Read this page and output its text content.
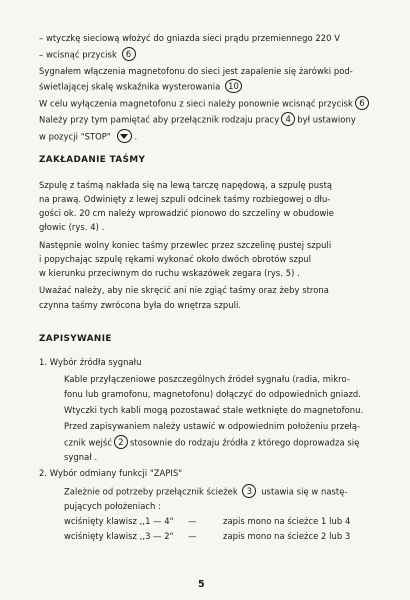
– wtyczkę sieciową włożyć do gniazda sieci prądu przemiennego 220 V
– wcisnąć przycisk 6
Sygnałem włączenia magnetofonu do sieci jest zapalenie się żarówki pod-
świetlającej skalę wskaźnika wysterowania 10
W celu wyłączenia magnetofonu z sieci należy ponownie wcisnąć przycisk 6
Należy przy tym pamiętać aby przełącznik rodzaju pracy 4 był ustawiony
w pozycji "STOP"	.
ZAKŁADANIE TAŚMY
Szpulę z taśmą nakłada się na lewą tarczę napędową, a szpulę pustą
na prawą. Odwinięty z lewej szpuli odcinek taśmy rozbiegowej o dłu-
gości ok. 20 cm należy wprowadzić pionowo do szczeliny w obudowie
głowic (rys. 4) .
Następnie wolny koniec taśmy przewlec przez szczelinę pustej szpuli
i popychając szpulę rękami wykonać około dwóch obrotów szpul
w kierunku przeciwnym do ruchu wskazówek zegara (rys. 5) .
Uważać należy, aby nie skręcić ani nie zgiąć taśmy oraz żeby strona
czynna taśmy zwrócona była do wnętrza szpuli.
ZAPISYWANIE
1. Wybór źródła sygnału
Kable przyłączeniowe poszczególnych źródeł sygnału (radia, mikro-
fonu lub gramofonu, magnetofonu) dołączyć do odpowiednich gniazd.
Wtyczki tych kabli mogą pozostawać stale wetknięte do magnetofonu.
Przed zapisywaniem należy ustawić w odpowiednim położeniu przełą-
cznik wejść 2 stosownie do rodzaju źródła z którego doprowadza się
sygnał .
2. Wybór odmiany funkcji "ZAPIS"
Zależnie od potrzeby przełącznik ścieżek 3 ustawia się w nastę-
pujących położeniach :
wciśnięty klawisz ,,1 — 4" —	zapis mono na ścieżce 1 lub 4
wciśnięty klawisz ,,3 — 2" —	zapis mono na ścieżce 2 lub 3
5
